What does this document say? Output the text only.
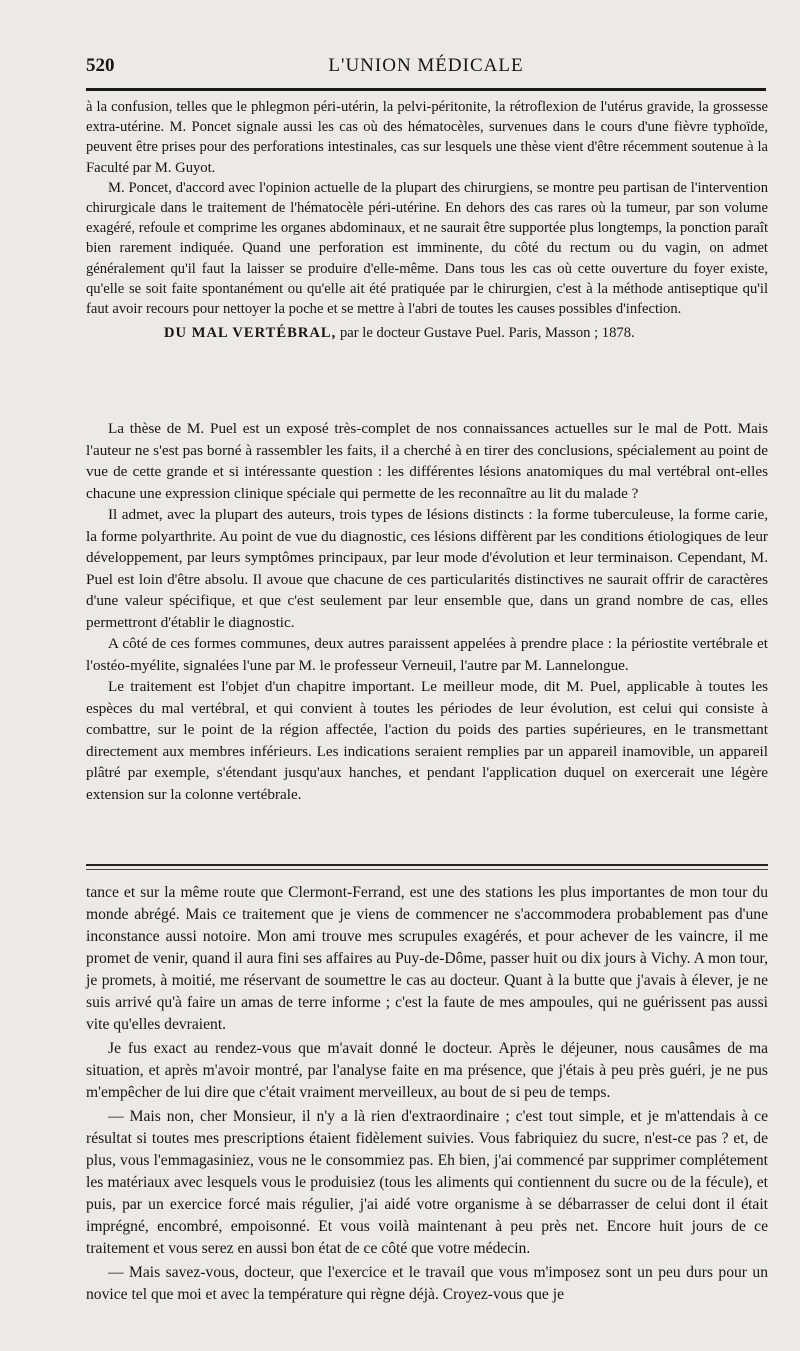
520	L'UNION MÉDICALE

à la confusion, telles que le phlegmon péri-utérin, la pelvi-péritonite, la rétroflexion de l'utérus gravide, la grossesse extra-utérine. M. Poncet signale aussi les cas où des hématocèles, survenues dans le cours d'une fièvre typhoïde, peuvent être prises pour des perforations intestinales, cas sur lesquels une thèse vient d'être récemment soutenue à la Faculté par M. Guyot.

M. Poncet, d'accord avec l'opinion actuelle de la plupart des chirurgiens, se montre peu partisan de l'intervention chirurgicale dans le traitement de l'hématocèle péri-utérine. En dehors des cas rares où la tumeur, par son volume exagéré, refoule et comprime les organes abdominaux, et ne saurait être supportée plus longtemps, la ponction paraît bien rarement indiquée. Quand une perforation est imminente, du côté du rectum ou du vagin, on admet généralement qu'il faut la laisser se produire d'elle-même. Dans tous les cas où cette ouverture du foyer existe, qu'elle se soit faite spontanément ou qu'elle ait été pratiquée par le chirurgien, c'est à la méthode antiseptique qu'il faut avoir recours pour nettoyer la poche et se mettre à l'abri de toutes les causes possibles d'infection.

DU MAL VERTÉBRAL, par le docteur Gustave Puel. Paris, Masson ; 1878.

La thèse de M. Puel est un exposé très-complet de nos connaissances actuelles sur le mal de Pott. Mais l'auteur ne s'est pas borné à rassembler les faits, il a cherché à en tirer des conclusions, spécialement au point de vue de cette grande et si intéressante question : les différentes lésions anatomiques du mal vertébral ont-elles chacune une expression clinique spéciale qui permette de les reconnaître au lit du malade ?

Il admet, avec la plupart des auteurs, trois types de lésions distincts : la forme tuberculeuse, la forme carie, la forme polyarthrite. Au point de vue du diagnostic, ces lésions diffèrent par les conditions étiologiques de leur développement, par leurs symptômes principaux, par leur mode d'évolution et leur terminaison. Cependant, M. Puel est loin d'être absolu. Il avoue que chacune de ces particularités distinctives ne saurait offrir de caractères d'une valeur spécifique, et que c'est seulement par leur ensemble que, dans un grand nombre de cas, elles permettront d'établir le diagnostic.

A côté de ces formes communes, deux autres paraissent appelées à prendre place : la périostite vertébrale et l'ostéo-myélite, signalées l'une par M. le professeur Verneuil, l'autre par M. Lannelongue.

Le traitement est l'objet d'un chapitre important. Le meilleur mode, dit M. Puel, applicable à toutes les espèces du mal vertébral, et qui convient à toutes les périodes de leur évolution, est celui qui consiste à combattre, sur le point de la région affectée, l'action du poids des parties supérieures, en le transmettant directement aux membres inférieurs. Les indications seraient remplies par un appareil inamovible, un appareil plâtré par exemple, s'étendant jusqu'aux hanches, et pendant l'application duquel on exercerait une légère extension sur la colonne vertébrale.

tance et sur la même route que Clermont-Ferrand, est une des stations les plus importantes de mon tour du monde abrégé. Mais ce traitement que je viens de commencer ne s'accommodera probablement pas d'une inconstance aussi notoire. Mon ami trouve mes scrupules exagérés, et pour achever de les vaincre, il me promet de venir, quand il aura fini ses affaires au Puy-de-Dôme, passer huit ou dix jours à Vichy. A mon tour, je promets, à moitié, me réservant de soumettre le cas au docteur. Quant à la butte que j'avais à élever, je ne suis arrivé qu'à faire un amas de terre informe ; c'est la faute de mes ampoules, qui ne guérissent pas aussi vite qu'elles devraient.

Je fus exact au rendez-vous que m'avait donné le docteur. Après le déjeuner, nous causâmes de ma situation, et après m'avoir montré, par l'analyse faite en ma présence, que j'étais à peu près guéri, je ne pus m'empêcher de lui dire que c'était vraiment merveilleux, au bout de si peu de temps.

— Mais non, cher Monsieur, il n'y a là rien d'extraordinaire ; c'est tout simple, et je m'attendais à ce résultat si toutes mes prescriptions étaient fidèlement suivies. Vous fabriquiez du sucre, n'est-ce pas ? et, de plus, vous l'emmagasiniez, vous ne le consommiez pas. Eh bien, j'ai commencé par supprimer complétement les matériaux avec lesquels vous le produisiez (tous les aliments qui contiennent du sucre ou de la fécule), et puis, par un exercice forcé mais régulier, j'ai aidé votre organisme à se débarrasser de celui dont il était imprégné, encombré, empoisonné. Et vous voilà maintenant à peu près net. Encore huit jours de ce traitement et vous serez en aussi bon état de ce côté que votre médecin.

— Mais savez-vous, docteur, que l'exercice et le travail que vous m'imposez sont un peu durs pour un novice tel que moi et avec la température qui règne déjà. Croyez-vous que je
